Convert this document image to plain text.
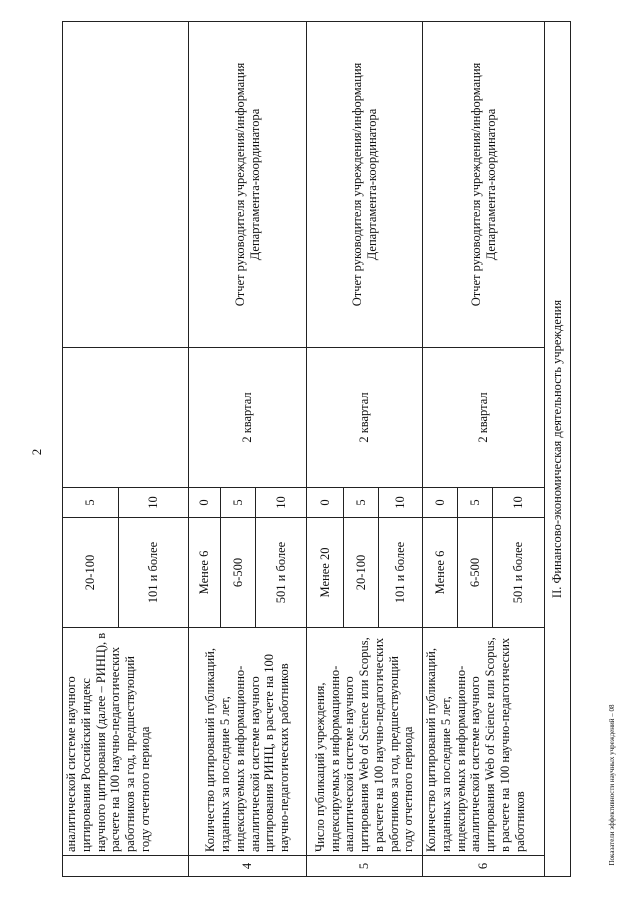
2
Показатели эффективности научных учреждений – 08
	аналитической системе научного цитирования Российский индекс научного цитирования (далее – РИНЦ), в расчете на 100 научно-педагогических работников за год, предшествующий году отчетного периода	20-100	5		
		101 и более	10		
4	Количество цитирований публикаций, изданных за последние 5 лет, индексируемых в информационно-аналитической системе научного цитирования РИНЦ, в расчете на 100 научно-педагогических работников	Менее 6	0	2 квартал	Отчет руководителя учреждения/информация Департамента-координатора
		6-500	5		
		501 и более	10		
5	Число публикаций учреждения, индексируемых в информационно-аналитической системе научного цитирования Web of Science или Scopus, в расчете на 100 научно-педагогических работников за год, предшествующий году отчетного периода	Менее 20	0	2 квартал	Отчет руководителя учреждения/информация Департамента-координатора
		20-100	5		
		101 и более	10		
6	Количество цитирований публикаций, изданных за последние 5 лет, индексируемых в информационно-аналитической системе научного цитирования Web of Science или Scopus, в расчете на 100 научно-педагогических работников	Менее 6	0	2 квартал	Отчет руководителя учреждения/информация Департамента-координатора
		6-500	5		
		501 и более	10		
II. Финансово-экономическая деятельность учреждения					
